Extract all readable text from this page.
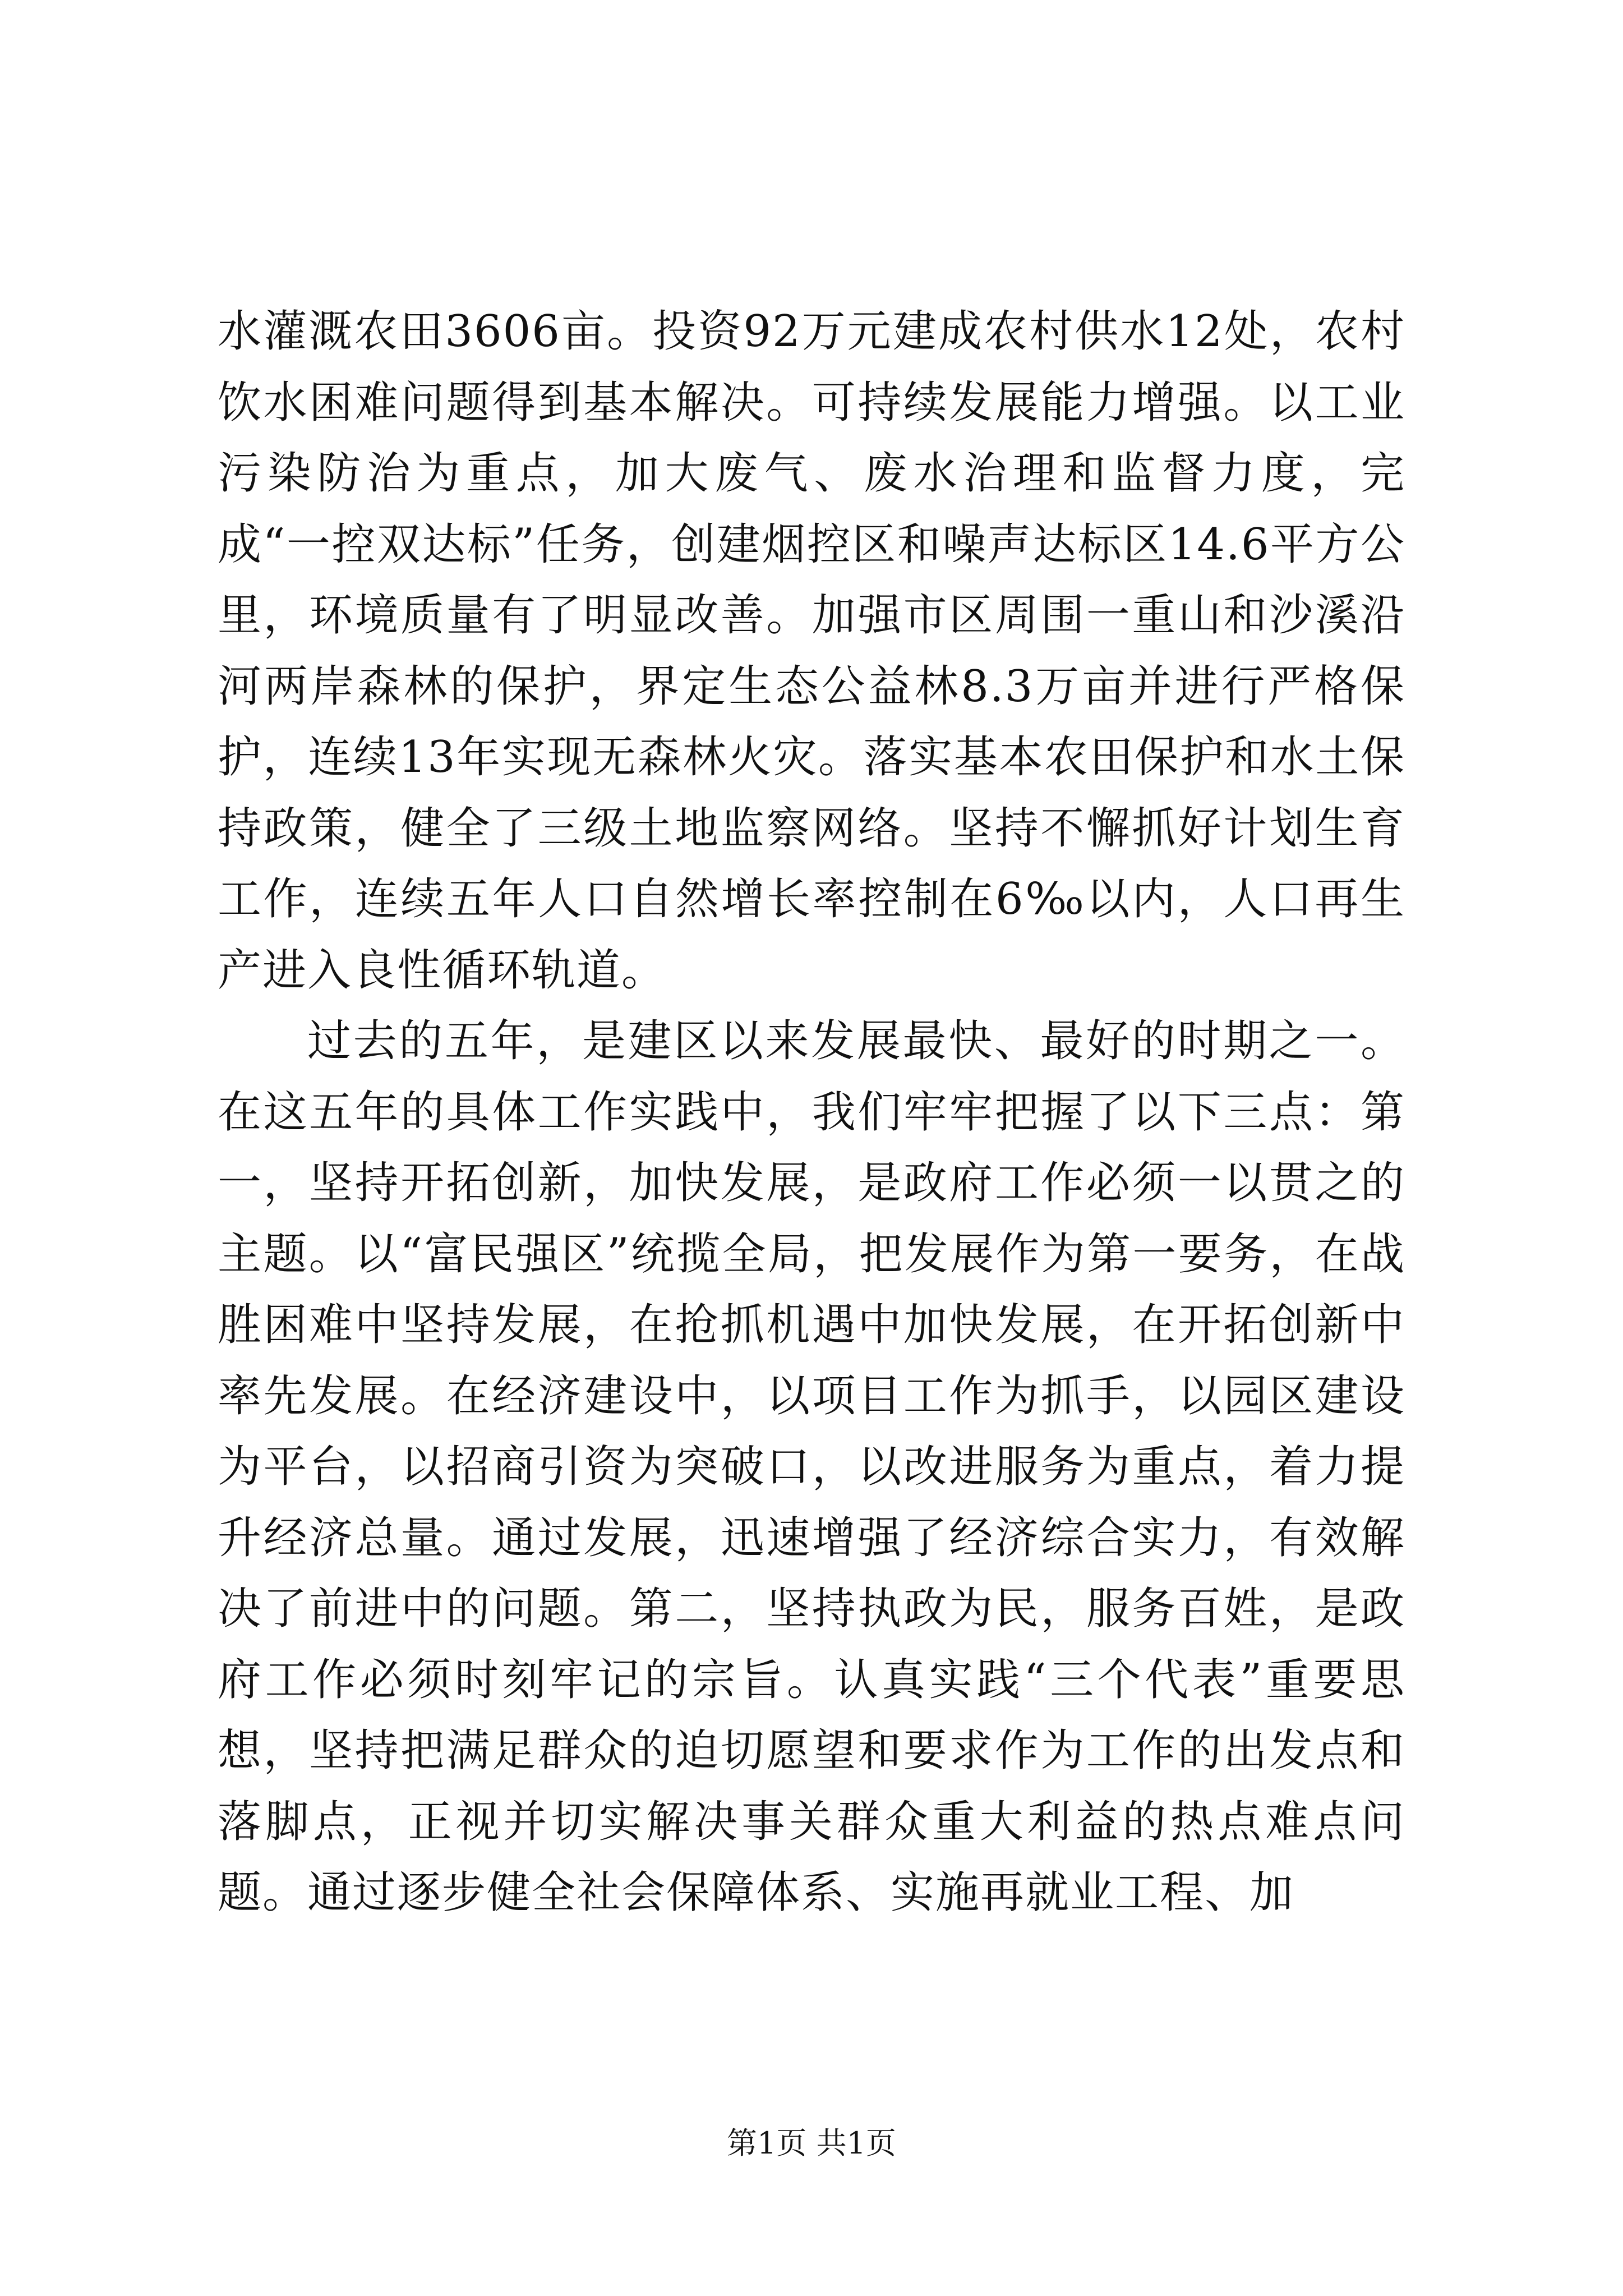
水灌溉农田3606亩。投资92万元建成农村供水12处，农村饮水困难问题得到基本解决。可持续发展能力增强。以工业污染防治为重点，加大废气、废水治理和监督力度，完成“一控双达标”任务，创建烟控区和噪声达标区14.6平方公里，环境质量有了明显改善。加强市区周围一重山和沙溪沿河两岸森林的保护，界定生态公益林8.3万亩并进行严格保护，连续13年实现无森林火灾。落实基本农田保护和水土保持政策，健全了三级土地监察网络。坚持不懈抓好计划生育工作，连续五年人口自然增长率控制在6‰以内，人口再生产进入良性循环轨道。

过去的五年，是建区以来发展最快、最好的时期之一。在这五年的具体工作实践中，我们牢牢把握了以下三点：第一，坚持开拓创新，加快发展，是政府工作必须一以贯之的主题。以“富民强区”统揽全局，把发展作为第一要务，在战胜困难中坚持发展，在抢抓机遇中加快发展，在开拓创新中率先发展。在经济建设中，以项目工作为抓手，以园区建设为平台，以招商引资为突破口，以改进服务为重点，着力提升经济总量。通过发展，迅速增强了经济综合实力，有效解决了前进中的问题。第二，坚持执政为民，服务百姓，是政府工作必须时刻牢记的宗旨。认真实践“三个代表”重要思想，坚持把满足群众的迫切愿望和要求作为工作的出发点和落脚点，正视并切实解决事关群众重大利益的热点难点问题。通过逐步健全社会保障体系、实施再就业工程、加

第1页 共1页
